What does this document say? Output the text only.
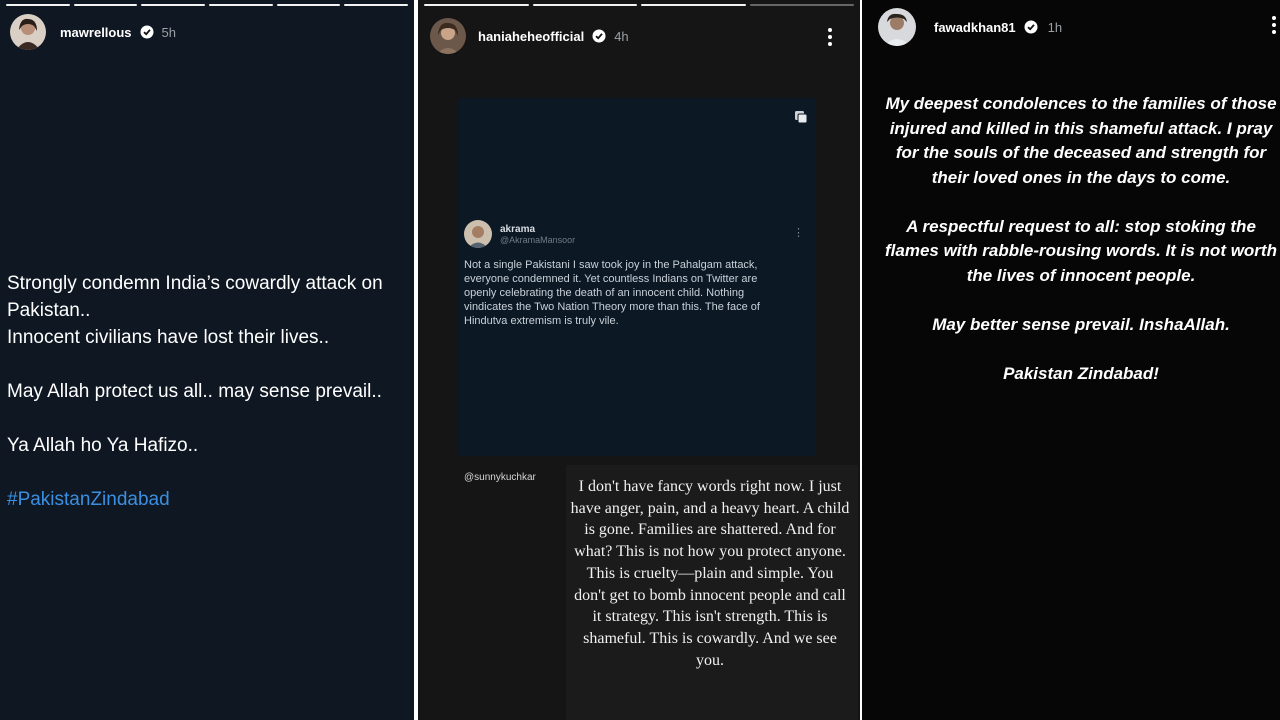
mawrellous 5h

Strongly condemn India’s cowardly attack on Pakistan..

Innocent civilians have lost their lives..

May Allah protect us all.. may sense prevail..

Ya Allah ho Ya Hafizo..

#PakistanZindabad

haniaheheofficial 4h
akrama
@AkramaMansoor
⋮
Not a single Pakistani I saw took joy in the Pahalgam attack, everyone condemned it. Yet countless Indians on Twitter are openly celebrating the death of an innocent child. Nothing vindicates the Two Nation Theory more than this. The face of Hindutva extremism is truly vile.
@sunnykuchkar
I don't have fancy words right now. I just have anger, pain, and a heavy heart. A child is gone. Families are shattered. And for what? This is not how you protect anyone. This is cruelty—plain and simple. You don't get to bomb innocent people and call it strategy. This isn't strength. This is shameful. This is cowardly. And we see you.
fawadkhan81 1h

My deepest condolences to the families of those injured and killed in this shameful attack. I pray for the souls of the deceased and strength for their loved ones in the days to come.

A respectful request to all: stop stoking the flames with rabble-rousing words. It is not worth the lives of innocent people.

May better sense prevail. InshaAllah.

Pakistan Zindabad!
